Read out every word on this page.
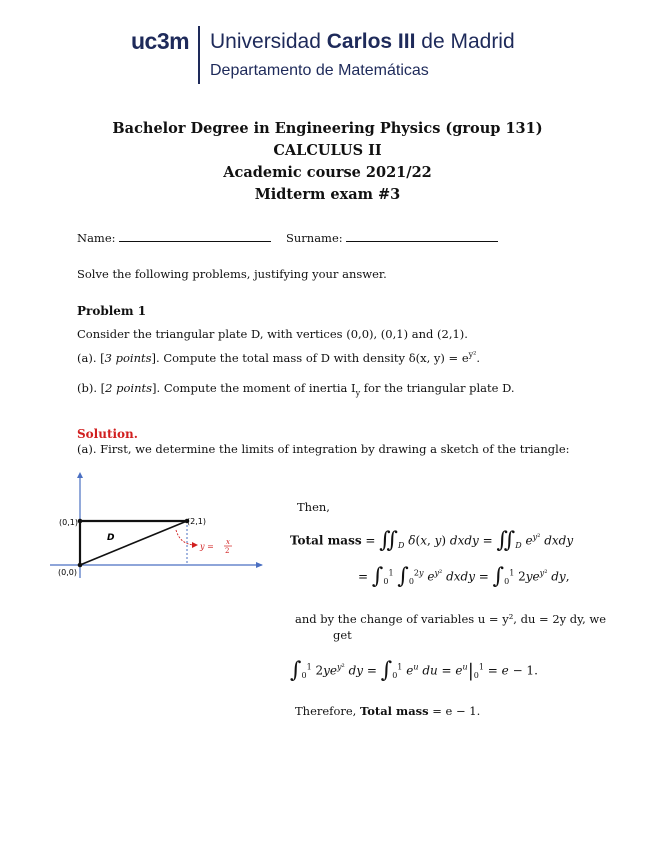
uc3m Universidad Carlos III de Madrid
Departamento de Matemáticas
Bachelor Degree in Engineering Physics (group 131)
CALCULUS II
Academic course 2021/22
Midterm exam #3
Name:	Surname:
Solve the following problems, justifying your answer.
Problem 1
Consider the triangular plate D, with vertices (0,0), (0,1) and (2,1).
(a). [3 points]. Compute the total mass of D with density δ(x, $y) = e^{y^2}$.
(b). [2 points]. Compute the moment of inertia $I_y$ for the triangular plate D.
Solution.
(a). First, we determine the limits of integration by drawing a sketch of the triangle:
(0,1)	(2,1)
(0,0)
D
y = x
2
Then,
Total mass = $∬_D$ δ(x, y) dxdy = $∬_D$ $e^{y^2}$ dxdy
= $\int_0^1$ $\int_0^{2y}$ $e^{y^2}$ dxdy = $\int_0^1$ $2ye^{y^2}$ dy,
and by the change of variables u = y², du = 2y dy, we
get
$\int_0^1$ $2ye^{y^2}$ dy = $\int_0^1$ $e^u$ du = $e^u|_0^1 = e - 1$.
Therefore, Total mass = e − 1.
